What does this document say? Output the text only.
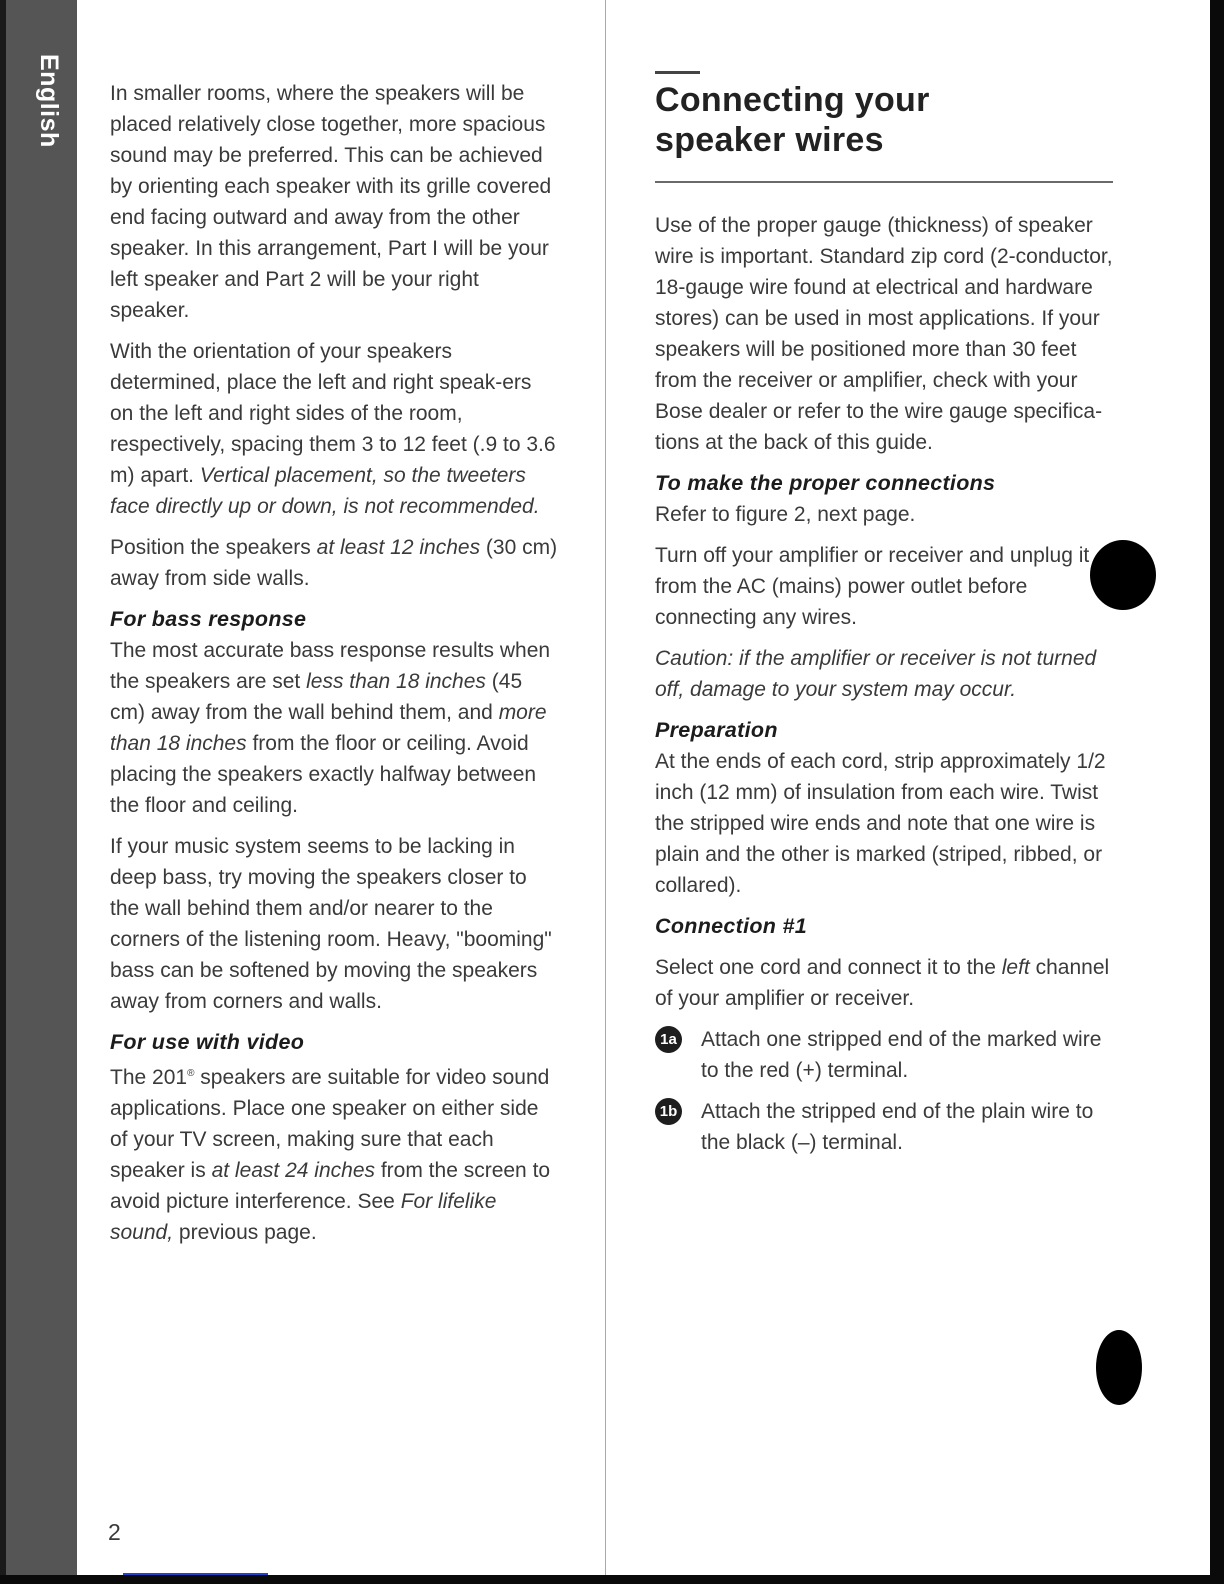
English In smaller rooms, where the speakers will be placed relatively close together, more spacious sound may be preferred. This can be achieved by orienting each speaker with its grille covered end facing outward and away from the other speaker. In this arrangement, Part I will be your left speaker and Part 2 will be your right speaker.

With the orientation of your speakers determined, place the left and right speak-ers on the left and right sides of the room, respectively, spacing them 3 to 12 feet (.9 to 3.6 m) apart. Vertical placement, so the tweeters face directly up or down, is not recommended.

Position the speakers at least 12 inches (30 cm) away from side walls.

For bass response

The most accurate bass response results when the speakers are set less than 18 inches (45 cm) away from the wall behind them, and more than 18 inches from the floor or ceiling. Avoid placing the speakers exactly halfway between the floor and ceiling.

If your music system seems to be lacking in deep bass, try moving the speakers closer to the wall behind them and/or nearer to the corners of the listening room. Heavy, "booming" bass can be softened by moving the speakers away from corners and walls.

For use with video

The 201® speakers are suitable for video sound applications. Place one speaker on either side of your TV screen, making sure that each speaker is at least 24 inches from the screen to avoid picture interference. See For lifelike sound, previous page.

Connecting your
speaker wires

Use of the proper gauge (thickness) of speaker wire is important. Standard zip cord (2-conductor, 18-gauge wire found at electrical and hardware stores) can be used in most applications. If your speakers will be positioned more than 30 feet from the receiver or amplifier, check with your Bose dealer or refer to the wire gauge specifica-tions at the back of this guide.

To make the proper connections

Refer to figure 2, next page.

Turn off your amplifier or receiver and unplug it from the AC (mains) power outlet before connecting any wires.

Caution: if the amplifier or receiver is not turned off, damage to your system may occur.

Preparation

At the ends of each cord, strip approximately 1/2 inch (12 mm) of insulation from each wire. Twist the stripped wire ends and note that one wire is plain and the other is marked (striped, ribbed, or collared).

Connection #1

Select one cord and connect it to the left channel of your amplifier or receiver.

1a Attach one stripped end of the marked wire to the red (+) terminal.
1b Attach the stripped end of the plain wire to the black (–) terminal.
2
